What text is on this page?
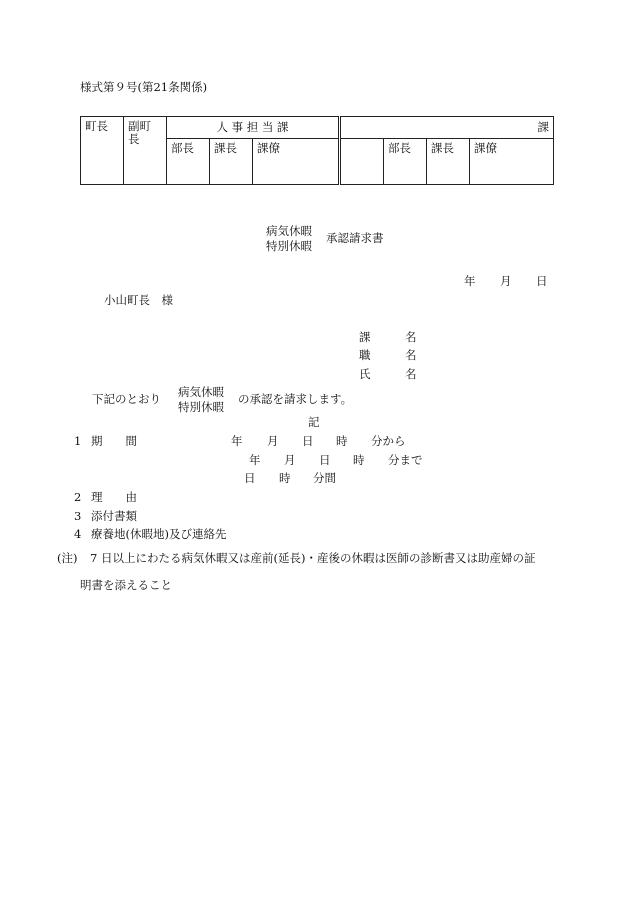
様式第９号(第21条関係)
町長	副町長	人 事 担 当 課				課			
		部長	課長	課僚			部長	課長	課僚
病気休暇
特別休暇
承認請求書
年 月 日
小山町長　様
課	名
職	名
氏	名
下記のとおり 病気休暇
特別休暇
の承認を請求します。
記
1 期　　間	年 月 日 時 分から
年 月 日 時 分まで
日 時 分間
2 理　　由
3 添付書類
4 療養地(休暇地)及び連絡先
(注) 7 日以上にわたる病気休暇又は産前(延長)・産後の休暇は医師の診断書又は助産婦の証
明書を添えること
